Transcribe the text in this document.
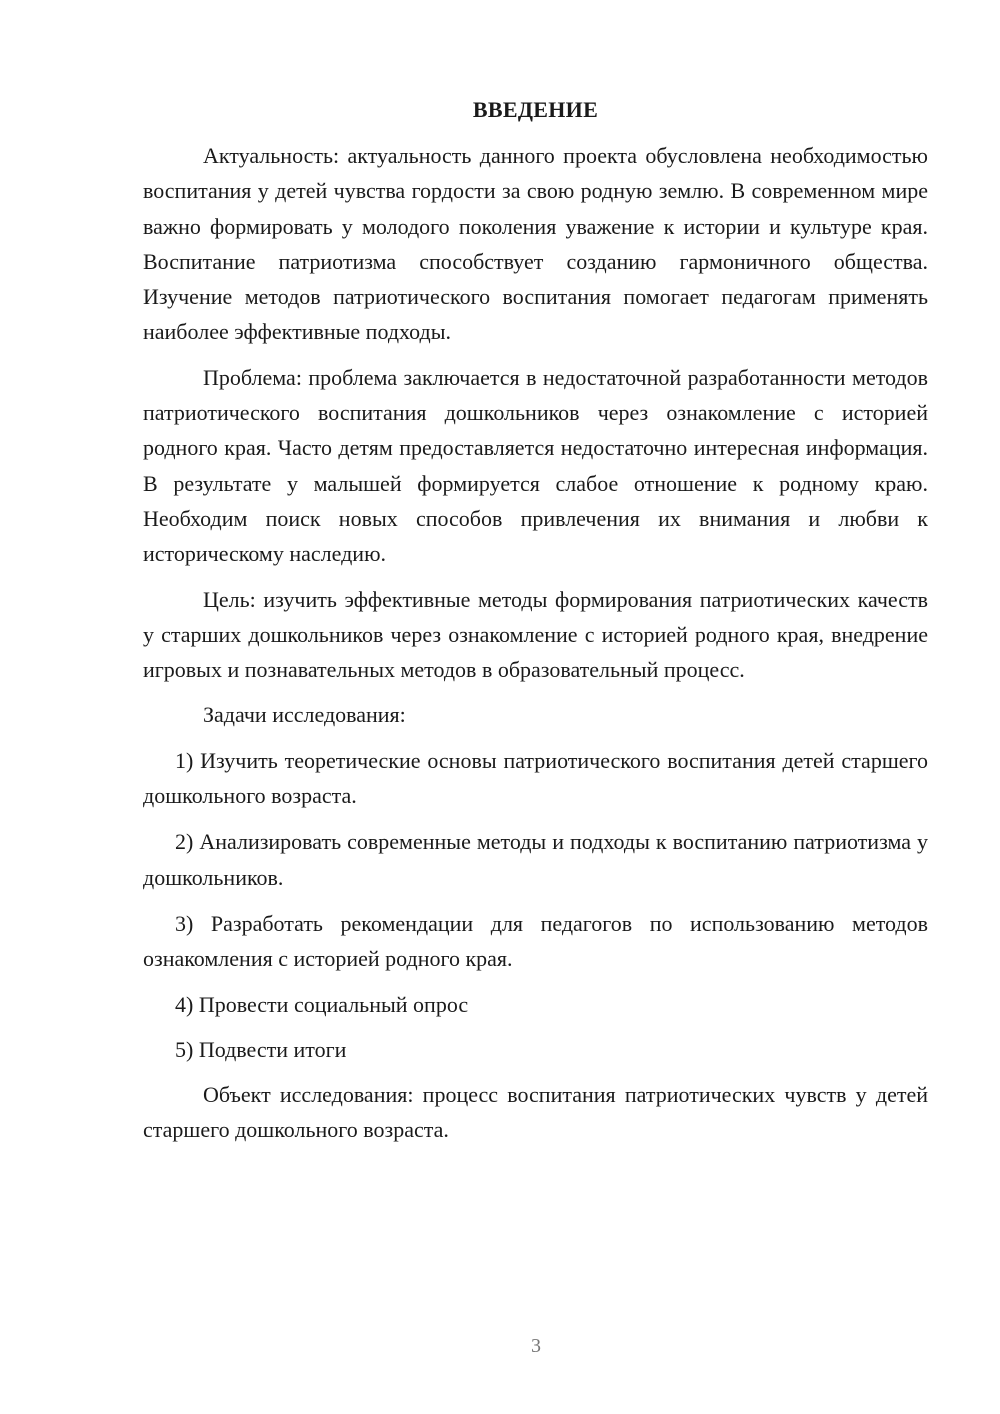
ВВЕДЕНИЕ

Актуальность: актуальность данного проекта обусловлена необходимостью воспитания у детей чувства гордости за свою родную землю. В современном мире важно формировать у молодого поколения уважение к истории и культуре края. Воспитание патриотизма способствует созданию гармоничного общества. Изучение методов патриотического воспитания помогает педагогам применять наиболее эффективные подходы.

Проблема: проблема заключается в недостаточной разработанности методов патриотического воспитания дошкольников через ознакомление с историей родного края. Часто детям предоставляется недостаточно интересная информация. В результате у малышей формируется слабое отношение к родному краю. Необходим поиск новых способов привлечения их внимания и любви к историческому наследию.

Цель: изучить эффективные методы формирования патриотических качеств у старших дошкольников через ознакомление с историей родного края, внедрение игровых и познавательных методов в образовательный процесс.

Задачи исследования:

1) Изучить теоретические основы патриотического воспитания детей старшего дошкольного возраста.

2) Анализировать современные методы и подходы к воспитанию патриотизма у дошкольников.

3) Разработать рекомендации для педагогов по использованию методов ознакомления с историей родного края.

4) Провести социальный опрос

5) Подвести итоги

Объект исследования: процесс воспитания патриотических чувств у детей старшего дошкольного возраста.

3
